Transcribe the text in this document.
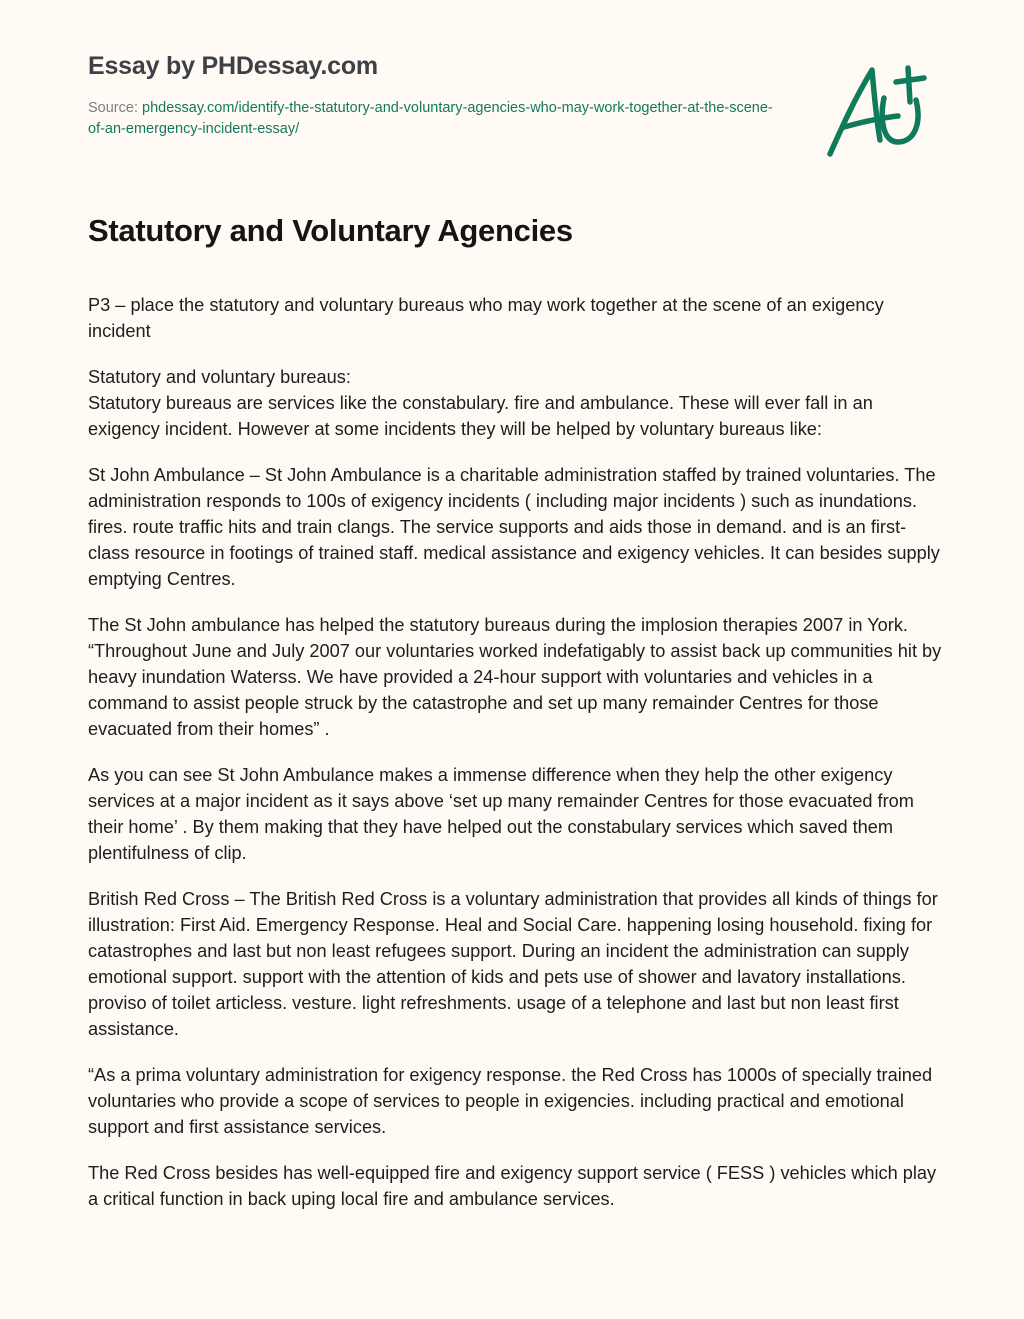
Essay by PHDessay.com
Source: phdessay.com/identify-the-statutory-and-voluntary-agencies-who-may-work-together-at-the-scene-of-an-emergency-incident-essay/
Statutory and Voluntary Agencies

P3 – place the statutory and voluntary bureaus who may work together at the scene of an exigency incident

Statutory and voluntary bureaus:

Statutory bureaus are services like the constabulary. fire and ambulance. These will ever fall in an exigency incident. However at some incidents they will be helped by voluntary bureaus like:

St John Ambulance – St John Ambulance is a charitable administration staffed by trained voluntaries. The administration responds to 100s of exigency incidents ( including major incidents ) such as inundations. fires. route traffic hits and train clangs. The service supports and aids those in demand. and is an first-class resource in footings of trained staff. medical assistance and exigency vehicles. It can besides supply emptying Centres.

The St John ambulance has helped the statutory bureaus during the implosion therapies 2007 in York. “Throughout June and July 2007 our voluntaries worked indefatigably to assist back up communities hit by heavy inundation Waterss. We have provided a 24-hour support with voluntaries and vehicles in a command to assist people struck by the catastrophe and set up many remainder Centres for those evacuated from their homes” .

As you can see St John Ambulance makes a immense difference when they help the other exigency services at a major incident as it says above ‘set up many remainder Centres for those evacuated from their home’ . By them making that they have helped out the constabulary services which saved them plentifulness of clip.

British Red Cross – The British Red Cross is a voluntary administration that provides all kinds of things for illustration: First Aid. Emergency Response. Heal and Social Care. happening losing household. fixing for catastrophes and last but non least refugees support. During an incident the administration can supply emotional support. support with the attention of kids and pets use of shower and lavatory installations. proviso of toilet articless. vesture. light refreshments. usage of a telephone and last but non least first assistance.

“As a prima voluntary administration for exigency response. the Red Cross has 1000s of specially trained voluntaries who provide a scope of services to people in exigencies. including practical and emotional support and first assistance services.

The Red Cross besides has well-equipped fire and exigency support service ( FESS ) vehicles which play a critical function in back uping local fire and ambulance services.
